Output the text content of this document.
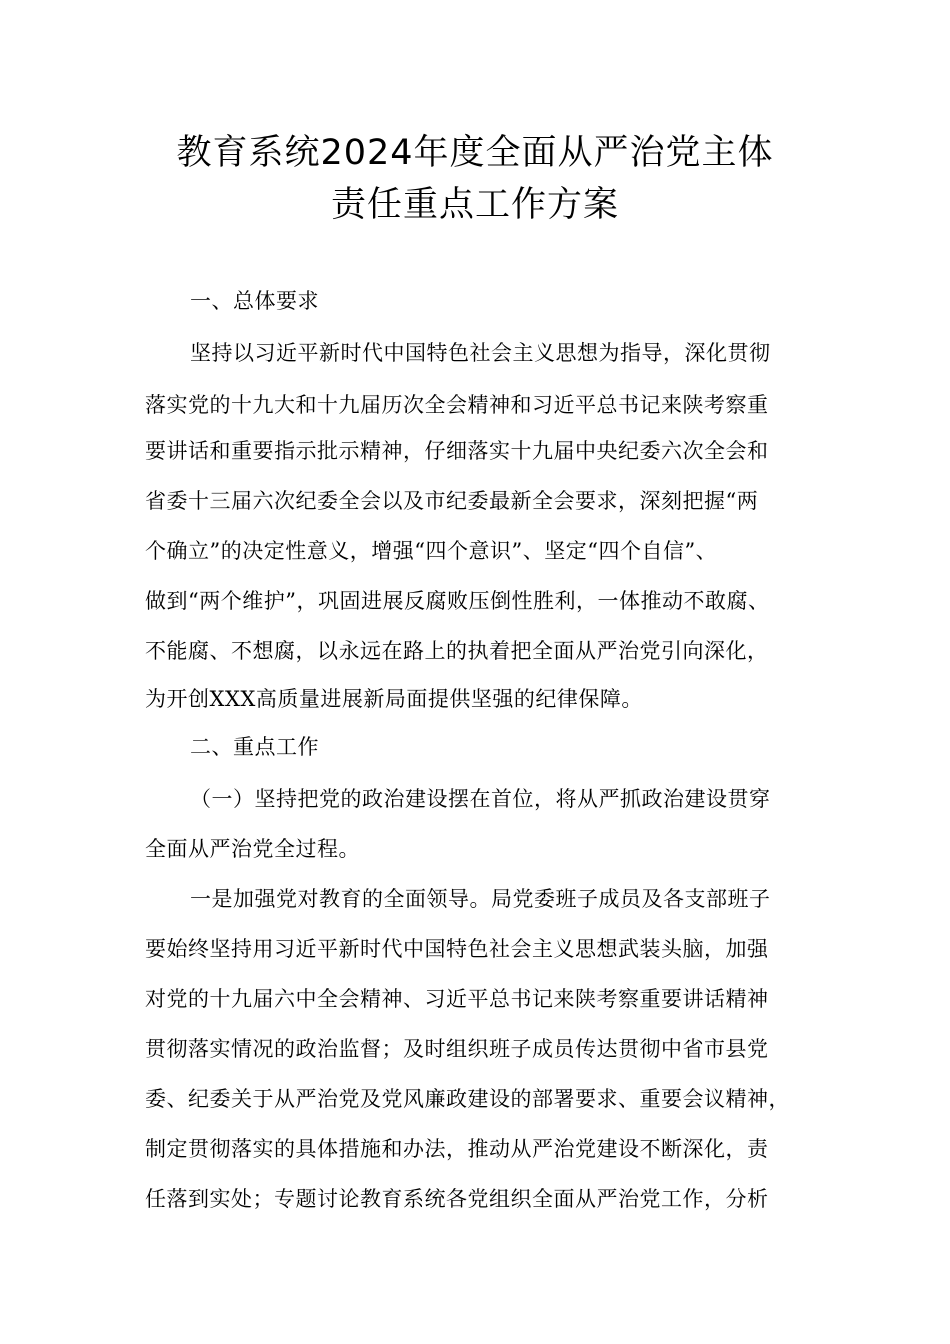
教育系统2024年度全面从严治党主体
责任重点工作方案
一、总体要求
坚持以习近平新时代中国特色社会主义思想为指导，深化贯彻
落实党的十九大和十九届历次全会精神和习近平总书记来陕考察重
要讲话和重要指示批示精神，仔细落实十九届中央纪委六次全会和
省委十三届六次纪委全会以及市纪委最新全会要求，深刻把握“两
个确立”的决定性意义，增强“四个意识”、坚定“四个自信”、
做到“两个维护”，巩固进展反腐败压倒性胜利，一体推动不敢腐、
不能腐、不想腐，以永远在路上的执着把全面从严治党引向深化，
为开创XXX高质量进展新局面提供坚强的纪律保障。
二、重点工作
（一）坚持把党的政治建设摆在首位，将从严抓政治建设贯穿
全面从严治党全过程。
一是加强党对教育的全面领导。局党委班子成员及各支部班子
要始终坚持用习近平新时代中国特色社会主义思想武装头脑，加强
对党的十九届六中全会精神、习近平总书记来陕考察重要讲话精神
贯彻落实情况的政治监督；及时组织班子成员传达贯彻中省市县党
委、纪委关于从严治党及党风廉政建设的部署要求、重要会议精神，
制定贯彻落实的具体措施和办法，推动从严治党建设不断深化，责
任落到实处；专题讨论教育系统各党组织全面从严治党工作，分析
